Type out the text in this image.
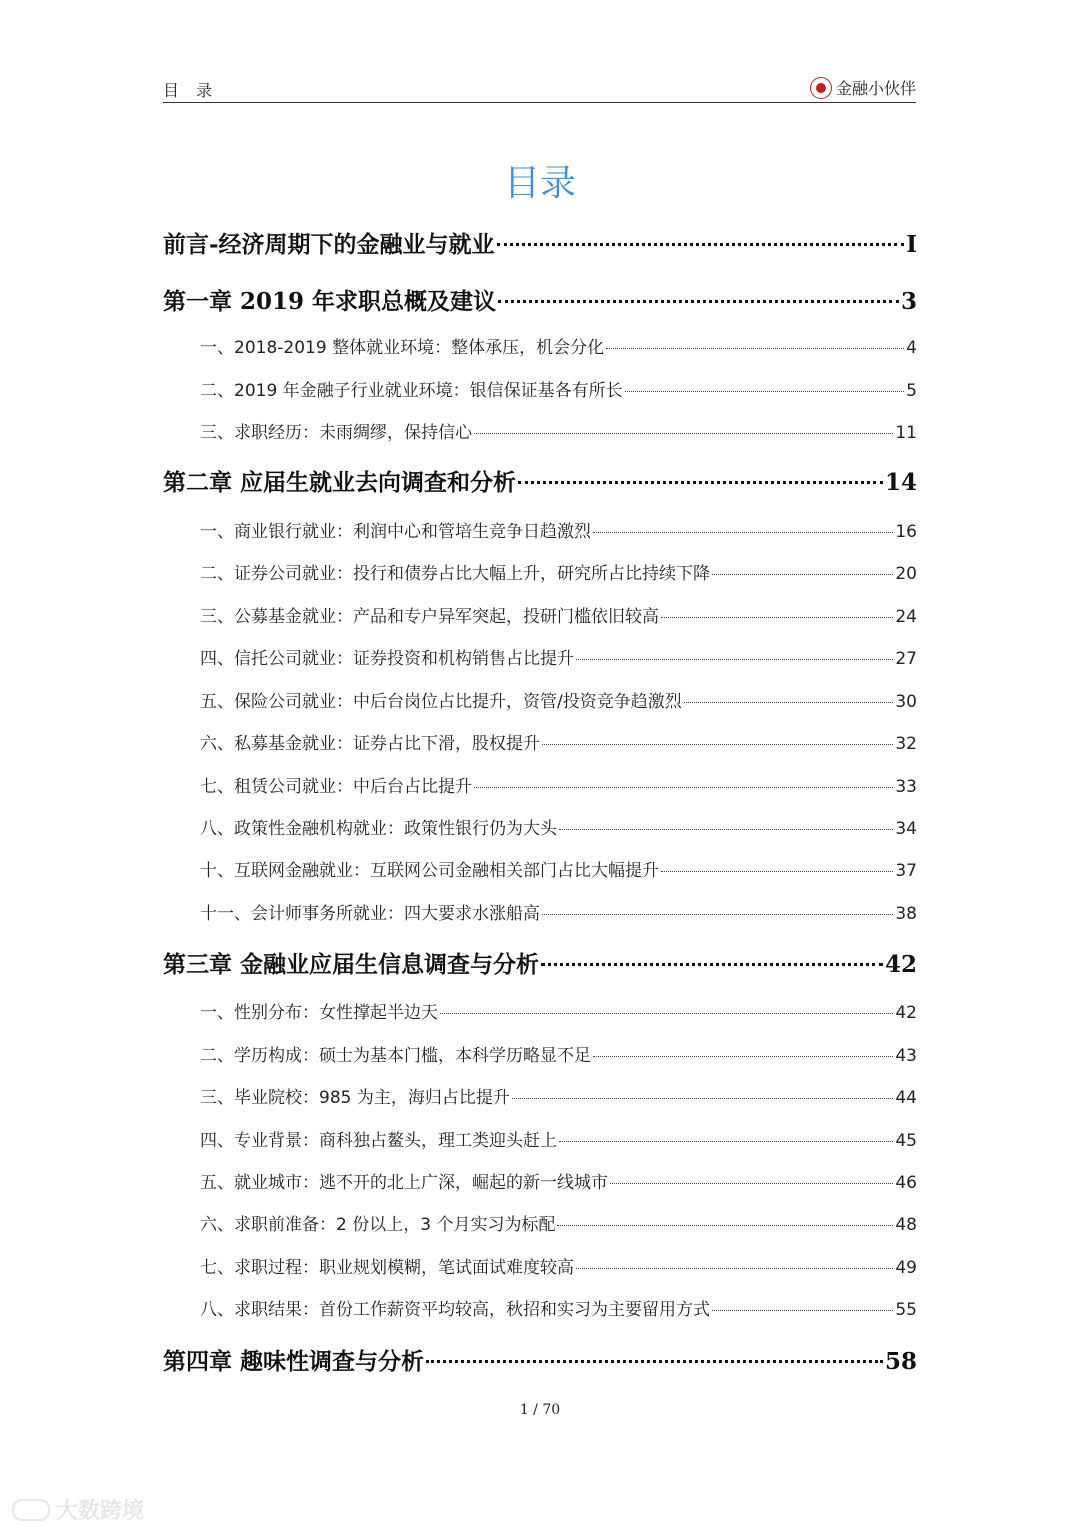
目 录	金融小伙伴
目录
前言-经济周期下的金融业与就业	I
第一章 2019 年求职总概及建议	3
一、2018-2019 整体就业环境：整体承压，机会分化	4
二、2019 年金融子行业就业环境：银信保证基各有所长	5
三、求职经历：未雨绸缪，保持信心	11
第二章 应届生就业去向调查和分析	14
一、商业银行就业：利润中心和管培生竞争日趋激烈	16
二、证券公司就业：投行和债券占比大幅上升，研究所占比持续下降	20
三、公募基金就业：产品和专户异军突起，投研门槛依旧较高	24
四、信托公司就业：证券投资和机构销售占比提升	27
五、保险公司就业：中后台岗位占比提升，资管/投资竞争趋激烈	30
六、私募基金就业：证券占比下滑，股权提升	32
七、租赁公司就业：中后台占比提升	33
八、政策性金融机构就业：政策性银行仍为大头	34
十、互联网金融就业：互联网公司金融相关部门占比大幅提升	37
十一、会计师事务所就业：四大要求水涨船高	38
第三章 金融业应届生信息调查与分析	42
一、性别分布：女性撑起半边天	42
二、学历构成：硕士为基本门槛，本科学历略显不足	43
三、毕业院校：985 为主，海归占比提升	44
四、专业背景：商科独占鳌头，理工类迎头赶上	45
五、就业城市：逃不开的北上广深，崛起的新一线城市	46
六、求职前准备：2 份以上，3 个月实习为标配	48
七、求职过程：职业规划模糊，笔试面试难度较高	49
八、求职结果：首份工作薪资平均较高，秋招和实习为主要留用方式	55
第四章 趣味性调查与分析	58
1 / 70
大数跨境
